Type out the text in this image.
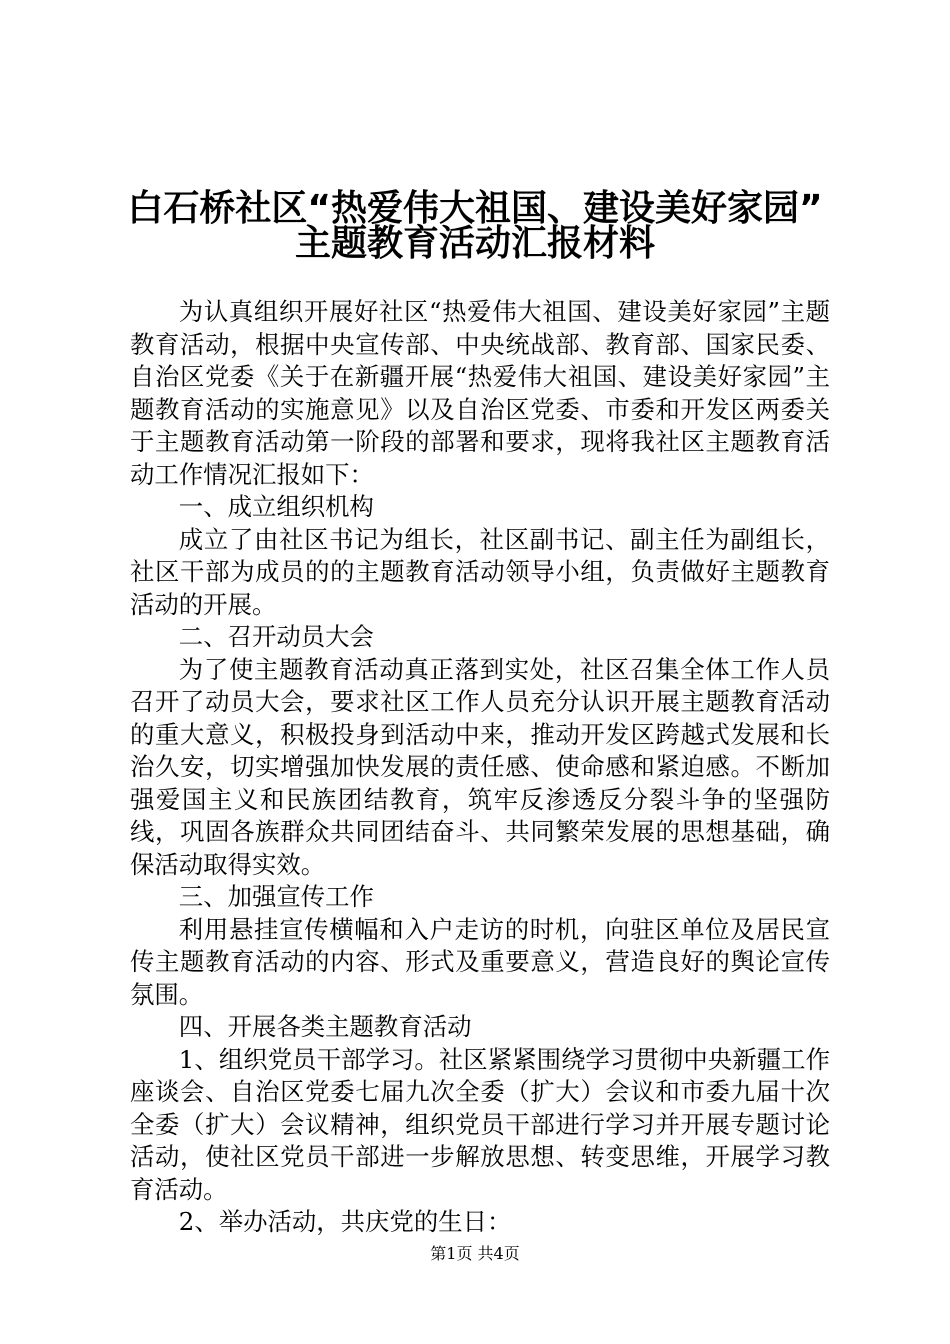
白石桥社区“热爱伟大祖国、建设美好家园”
主题教育活动汇报材料

为认真组织开展好社区“热爱伟大祖国、建设美好家园”主题教育活动，根据中央宣传部、中央统战部、教育部、国家民委、自治区党委《关于在新疆开展“热爱伟大祖国、建设美好家园”主题教育活动的实施意见》以及自治区党委、市委和开发区两委关于主题教育活动第一阶段的部署和要求，现将我社区主题教育活动工作情况汇报如下：

一、成立组织机构

成立了由社区书记为组长，社区副书记、副主任为副组长，社区干部为成员的的主题教育活动领导小组，负责做好主题教育活动的开展。

二、召开动员大会

为了使主题教育活动真正落到实处，社区召集全体工作人员召开了动员大会，要求社区工作人员充分认识开展主题教育活动的重大意义，积极投身到活动中来，推动开发区跨越式发展和长治久安，切实增强加快发展的责任感、使命感和紧迫感。不断加强爱国主义和民族团结教育，筑牢反渗透反分裂斗争的坚强防线，巩固各族群众共同团结奋斗、共同繁荣发展的思想基础，确保活动取得实效。

三、加强宣传工作

利用悬挂宣传横幅和入户走访的时机，向驻区单位及居民宣传主题教育活动的内容、形式及重要意义，营造良好的舆论宣传氛围。

四、开展各类主题教育活动

1、组织党员干部学习。社区紧紧围绕学习贯彻中央新疆工作座谈会、自治区党委七届九次全委（扩大）会议和市委九届十次全委（扩大）会议精神，组织党员干部进行学习并开展专题讨论活动，使社区党员干部进一步解放思想、转变思维，开展学习教育活动。

2、举办活动，共庆党的生日：

第1页 共4页
